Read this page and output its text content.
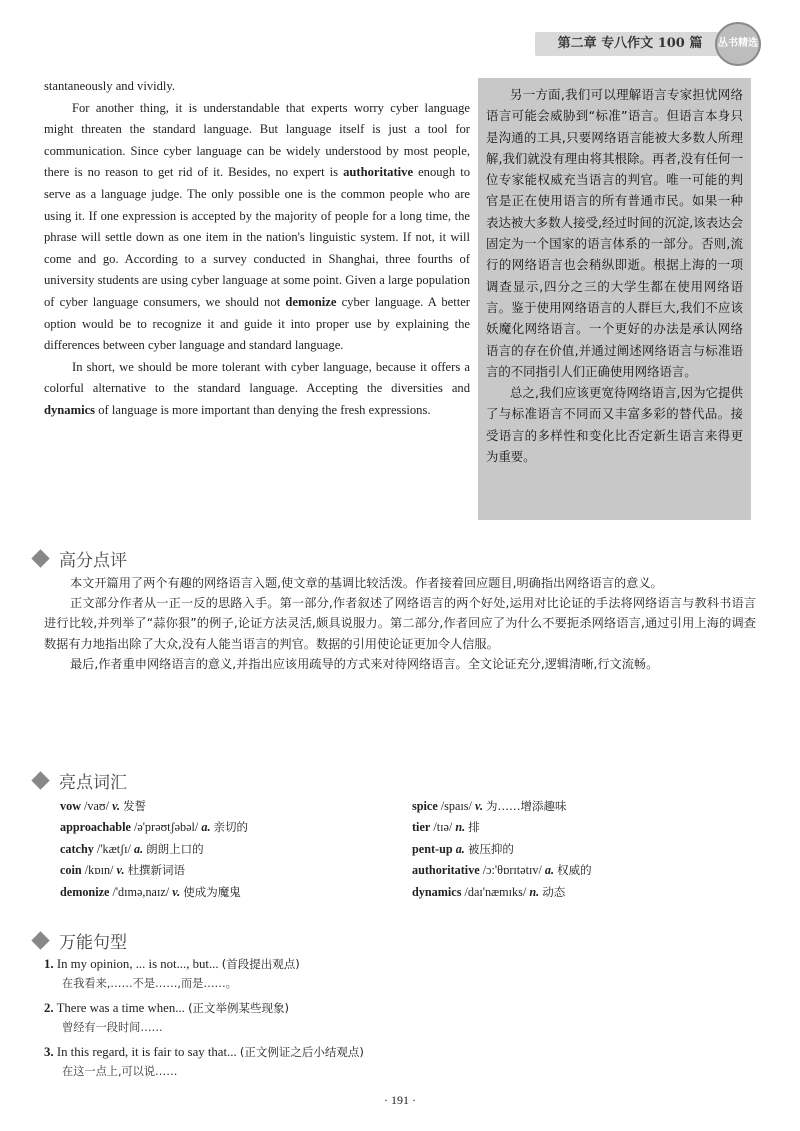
第二章 专八作文 100 篇	丛书精选

stantaneously and vividly.

For another thing, it is understandable that experts worry cyber language might threaten the standard language. But language itself is just a tool for communication. Since cyber language can be widely understood by most people, there is no reason to get rid of it. Besides, no expert is authoritative enough to serve as a language judge. The only possible one is the common people who are using it. If one expression is accepted by the majority of people for a long time, the phrase will settle down as one item in the nation's linguistic system. If not, it will come and go. According to a survey conducted in Shanghai, three fourths of university students are using cyber language at some point. Given a large population of cyber language consumers, we should not demonize cyber language. A better option would be to recognize it and guide it into proper use by explaining the differences between cyber language and standard language.

In short, we should be more tolerant with cyber language, because it offers a colorful alternative to the standard language. Accepting the diversities and dynamics of language is more important than denying the fresh expressions.

另一方面,我们可以理解语言专家担忧网络语言可能会威胁到“标准”语言。但语言本身只是沟通的工具,只要网络语言能被大多数人所理解,我们就没有理由将其根除。再者,没有任何一位专家能权威充当语言的判官。唯一可能的判官是正在使用语言的所有普通市民。如果一种表达被大多数人接受,经过时间的沉淀,该表达会固定为一个国家的语言体系的一部分。否则,流行的网络语言也会稍纵即逝。根据上海的一项调查显示,四分之三的大学生都在使用网络语言。鉴于使用网络语言的人群巨大,我们不应该妖魔化网络语言。一个更好的办法是承认网络语言的存在价值,并通过阐述网络语言与标准语言的不同指引人们正确使用网络语言。

总之,我们应该更宽待网络语言,因为它提供了与标准语言不同而又丰富多彩的替代品。接受语言的多样性和变化比否定新生语言来得更为重要。

高分点评

本文开篇用了两个有趣的网络语言入题,使文章的基调比较活泼。作者接着回应题目,明确指出网络语言的意义。

正文部分作者从一正一反的思路入手。第一部分,作者叙述了网络语言的两个好处,运用对比论证的手法将网络语言与教科书语言进行比较,并列举了“蒜你狠”的例子,论证方法灵活,颇具说服力。第二部分,作者回应了为什么不要扼杀网络语言,通过引用上海的调查数据有力地指出除了大众,没有人能当语言的判官。数据的引用使论证更加令人信服。

最后,作者重申网络语言的意义,并指出应该用疏导的方式来对待网络语言。全文论证充分,逻辑清晰,行文流畅。

亮点词汇
vow /vaʊ/ v. 发誓
approachable /ə'prəʊtʃəbəl/ a. 亲切的
catchy /'kætʃɪ/ a. 朗朗上口的
coin /kɒɪn/ v. 杜撰新词语
demonize /'dɪmə,naɪz/ v. 使成为魔鬼
spice /spaɪs/ v. 为……增添趣味
tier /tɪə/ n. 排
pent-up a. 被压抑的
authoritative /ɔ:'θɒrɪtətɪv/ a. 权威的
dynamics /daɪ'næmɪks/ n. 动态
万能句型
1. In my opinion, ... is not..., but... (首段提出观点)
在我看来,……不是……,而是……。
2. There was a time when... (正文举例某些现象)
曾经有一段时间……
3. In this regard, it is fair to say that... (正文例证之后小结观点)
在这一点上,可以说……
· 191 ·
